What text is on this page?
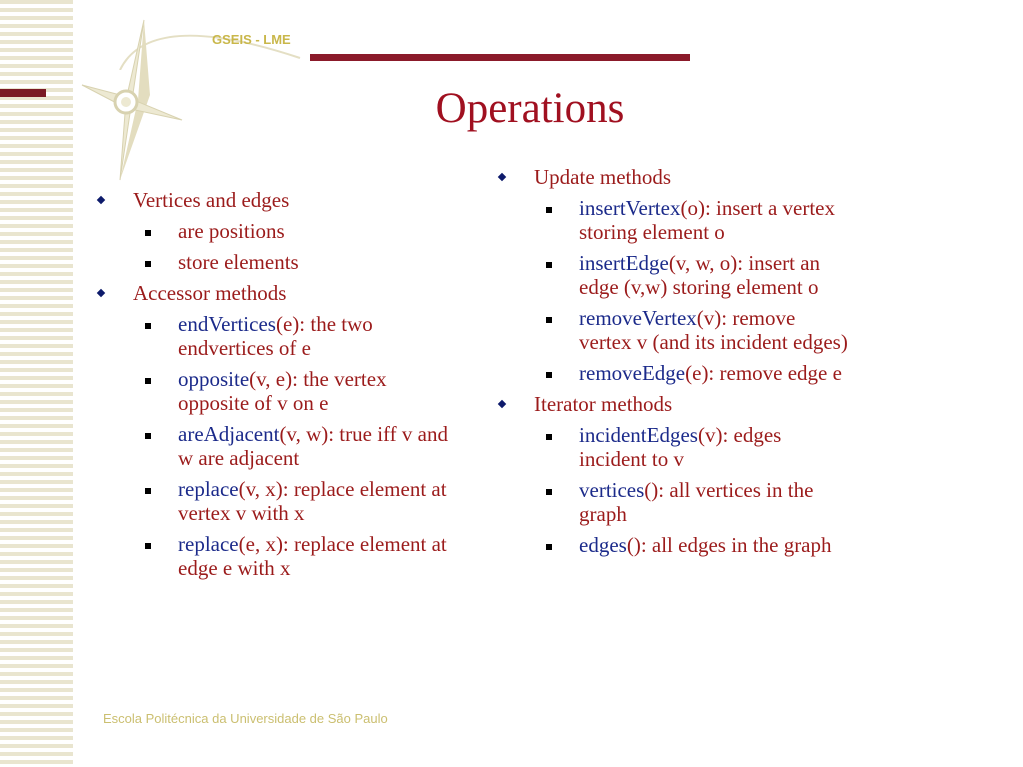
GSEIS - LME
Operations
Vertices and edges
are positions
store elements
Accessor methods
endVertices(e): the two endvertices of e
opposite(v, e): the vertex opposite of v on e
areAdjacent(v, w): true iff v and w are adjacent
replace(v, x): replace element at vertex v with x
replace(e, x): replace element at edge e with x
Update methods
insertVertex(o): insert a vertex storing element o
insertEdge(v, w, o): insert an edge (v,w) storing element o
removeVertex(v): remove vertex v (and its incident edges)
removeEdge(e): remove edge e
Iterator methods
incidentEdges(v): edges incident to v
vertices(): all vertices in the graph
edges(): all edges in the graph
Escola Politécnica da Universidade de São Paulo
